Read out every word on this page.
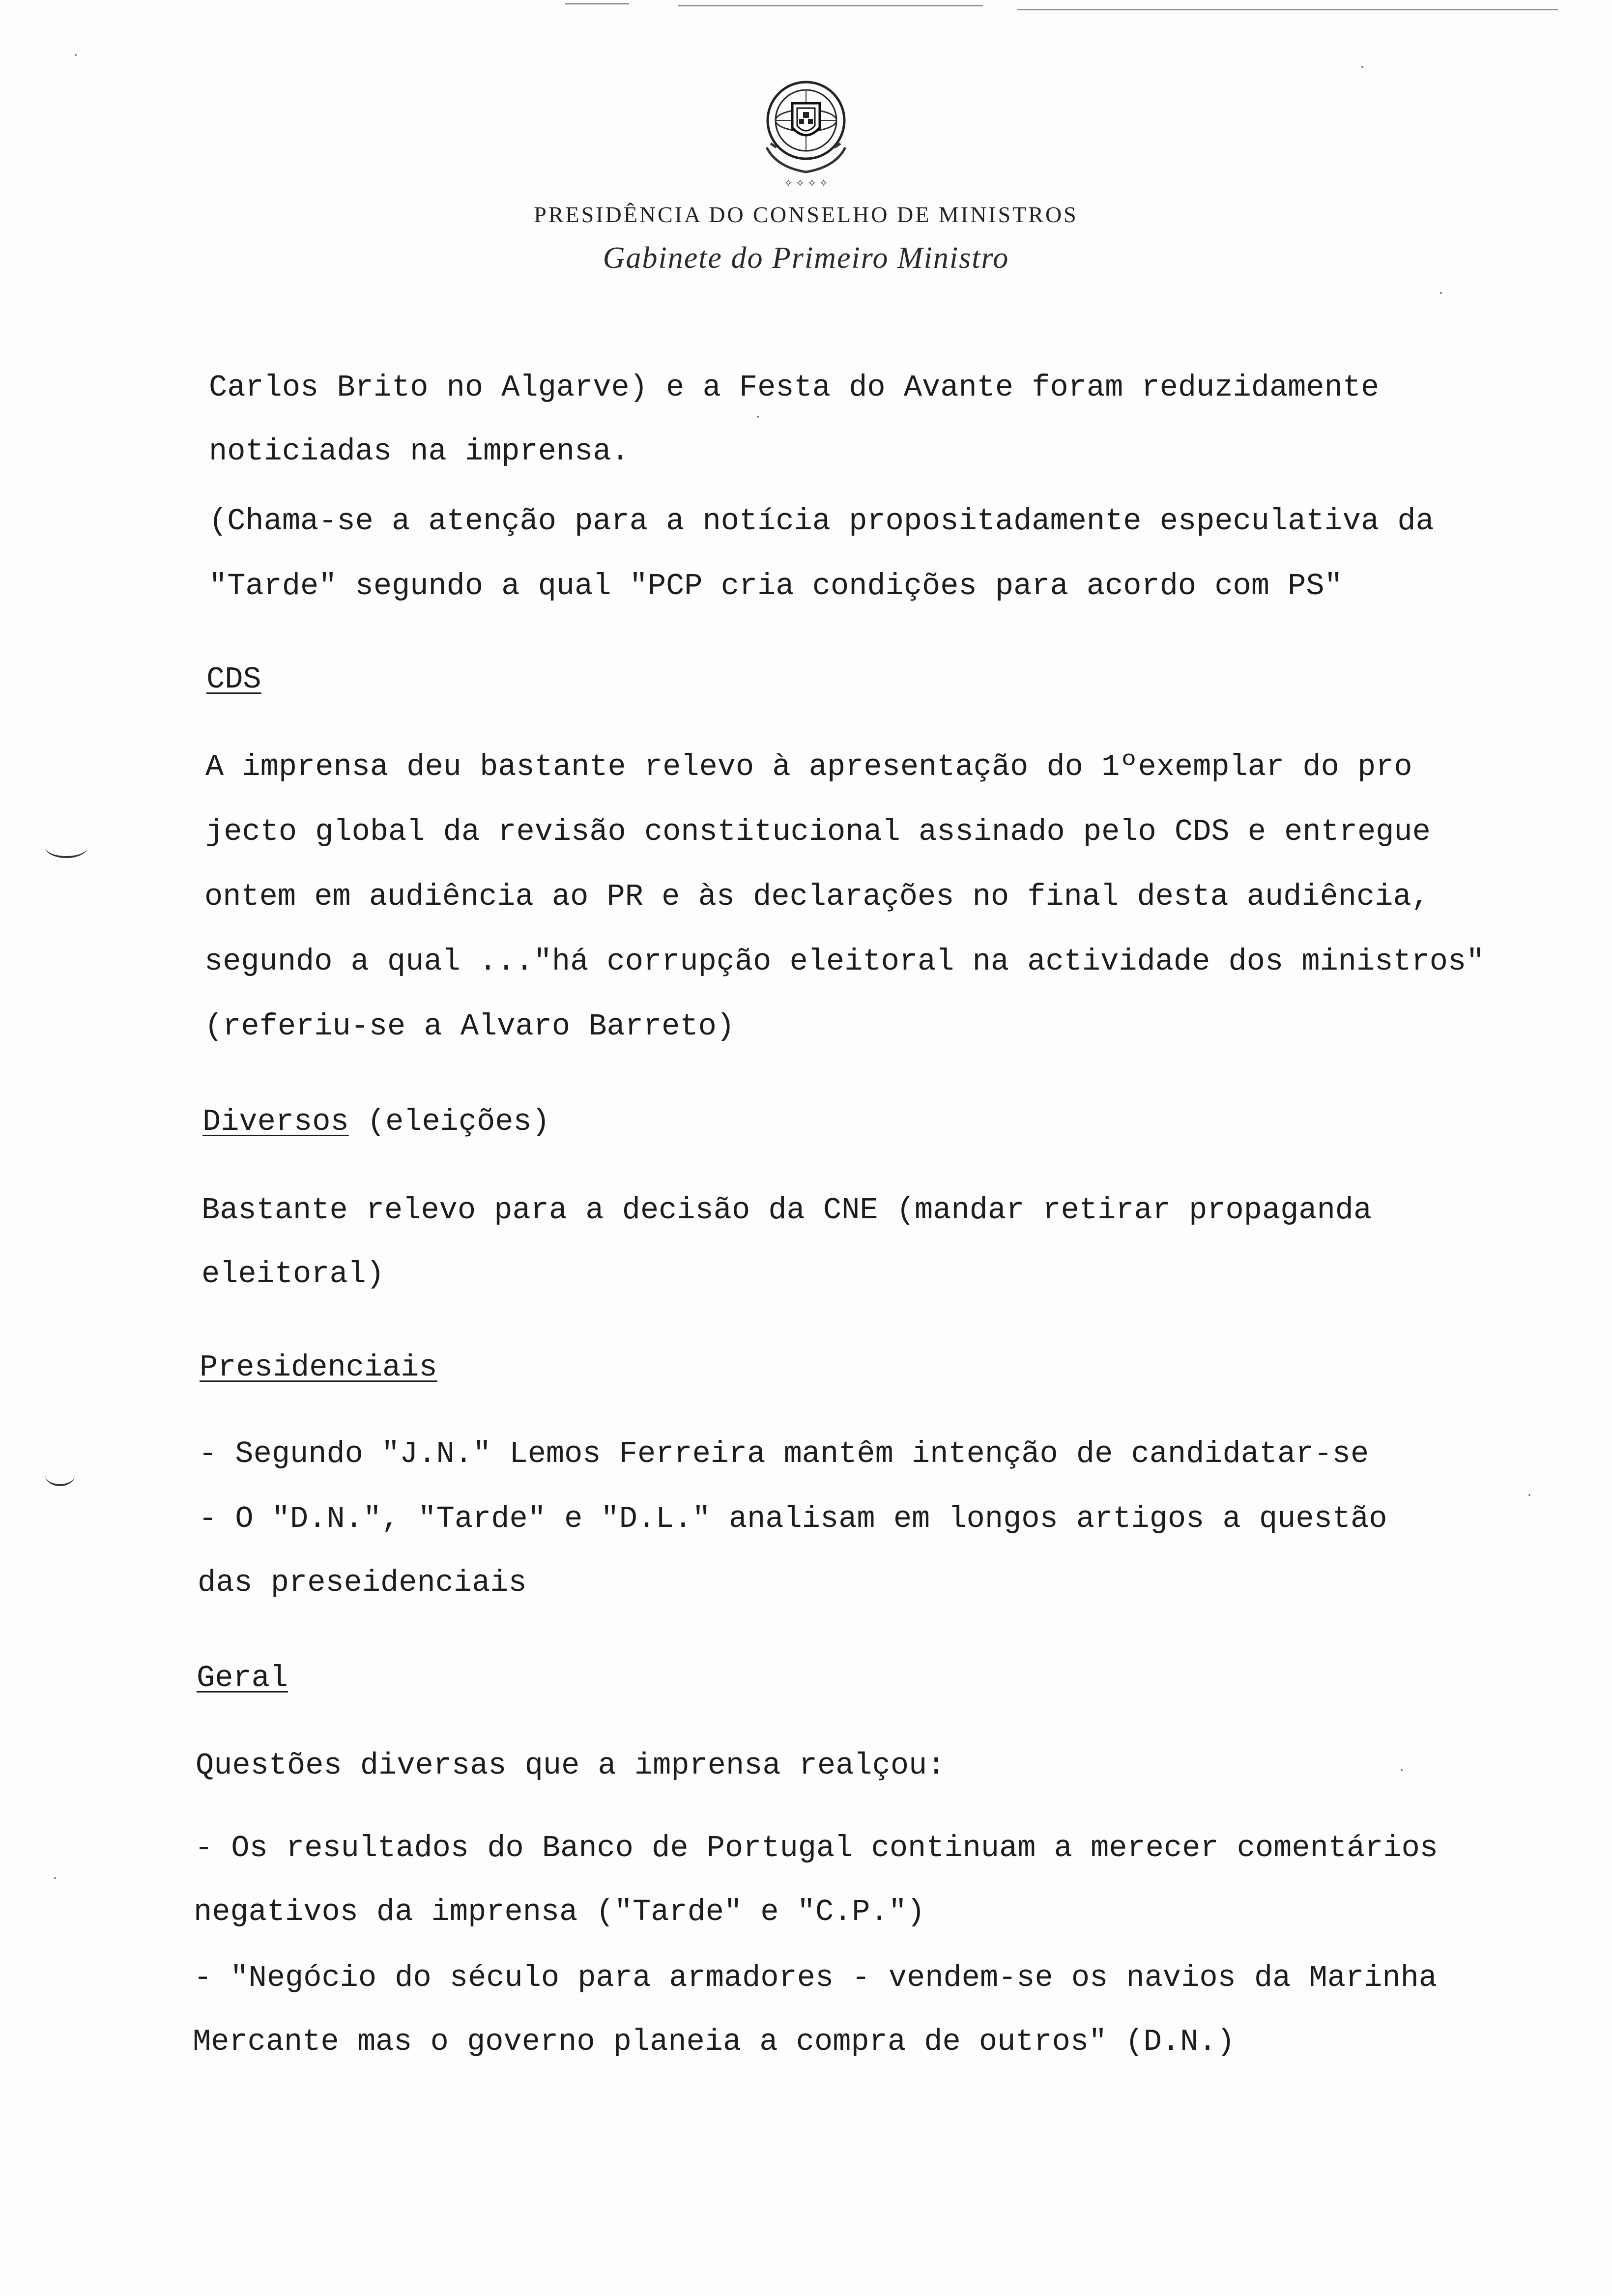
✧ ✧ ✧ ✧
PRESIDÊNCIA DO CONSELHO DE MINISTROS
Gabinete do Primeiro Ministro
Carlos Brito no Algarve) e a Festa do Avante foram reduzidamente
noticiadas na imprensa.
(Chama-se a atenção para a notícia propositadamente especulativa da
"Tarde" segundo a qual "PCP cria condições para acordo com PS"
CDS
A imprensa deu bastante relevo à apresentação do 1ºexemplar do pro
jecto global da revisão constitucional assinado pelo CDS e entregue
ontem em audiência ao PR e às declarações no final desta audiência,
segundo a qual ..."há corrupção eleitoral na actividade dos ministros"
(referiu-se a Alvaro Barreto)
Diversos (eleições)
Bastante relevo para a decisão da CNE (mandar retirar propaganda
eleitoral)
Presidenciais
- Segundo "J.N." Lemos Ferreira mantêm intenção de candidatar-se
- O "D.N.", "Tarde" e "D.L." analisam em longos artigos a questão
das preseidenciais
Geral
Questões diversas que a imprensa realçou:
- Os resultados do Banco de Portugal continuam a merecer comentários
negativos da imprensa ("Tarde" e "C.P.")
- "Negócio do século para armadores - vendem-se os navios da Marinha
Mercante mas o governo planeia a compra de outros" (D.N.)
